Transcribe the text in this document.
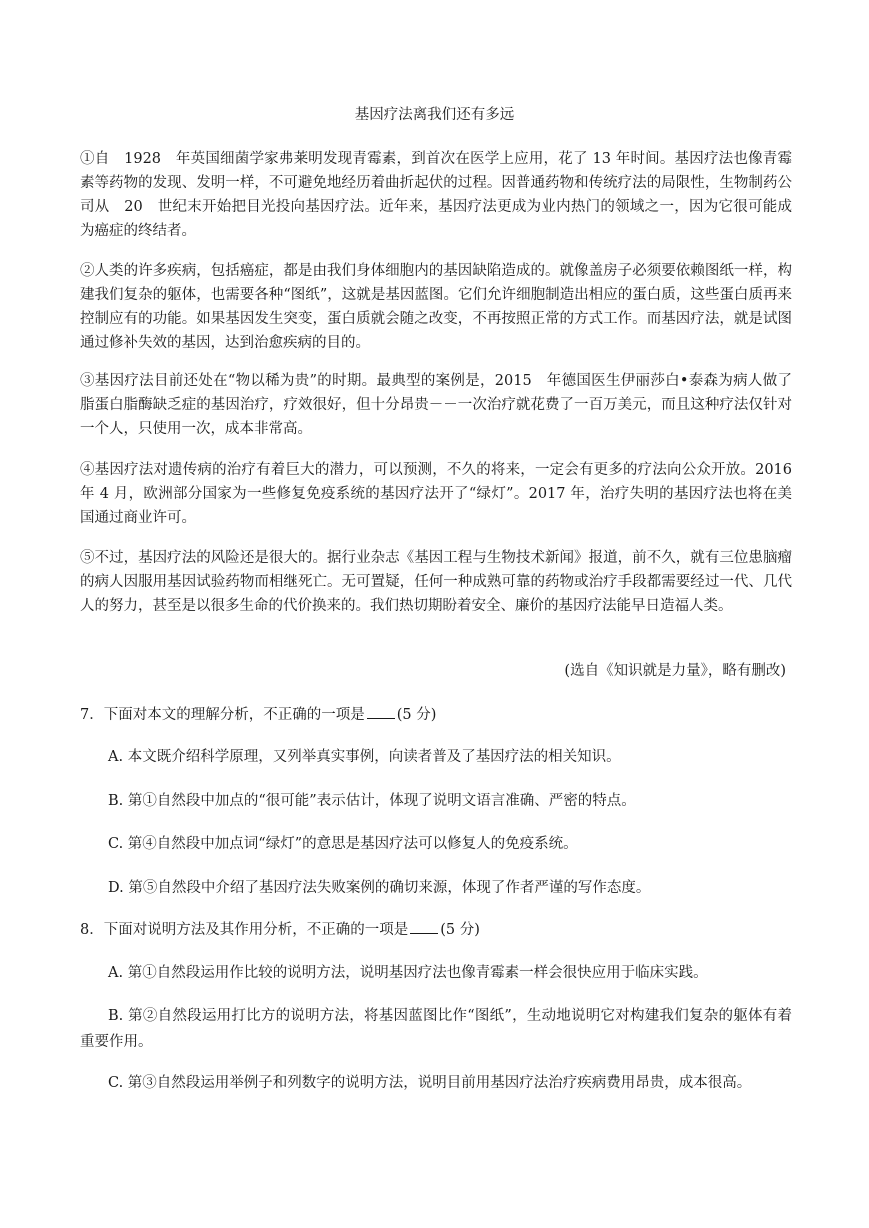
基因疗法离我们还有多远

①自　1928　年英国细菌学家弗莱明发现青霉素，到首次在医学上应用，花了 13 年时间。基因疗法也像青霉素等药物的发现、发明一样，不可避免地经历着曲折起伏的过程。因普通药物和传统疗法的局限性，生物制药公司从　20　世纪末开始把目光投向基因疗法。近年来，基因疗法更成为业内热门的领域之一，因为它很可能成为癌症的终结者。

②人类的许多疾病，包括癌症，都是由我们身体细胞内的基因缺陷造成的。就像盖房子必须要依赖图纸一样，构建我们复杂的躯体，也需要各种“图纸”，这就是基因蓝图。它们允许细胞制造出相应的蛋白质，这些蛋白质再来控制应有的功能。如果基因发生突变，蛋白质就会随之改变，不再按照正常的方式工作。而基因疗法，就是试图通过修补失效的基因，达到治愈疾病的目的。

③基因疗法目前还处在“物以稀为贵”的时期。最典型的案例是，2015　年德国医生伊丽莎白•泰森为病人做了脂蛋白脂酶缺乏症的基因治疗，疗效很好，但十分昂贵－－一次治疗就花费了一百万美元，而且这种疗法仅针对一个人，只使用一次，成本非常高。

④基因疗法对遗传病的治疗有着巨大的潜力，可以预测，不久的将来，一定会有更多的疗法向公众开放。2016 年 4 月，欧洲部分国家为一些修复免疫系统的基因疗法开了“绿灯”。2017 年，治疗失明的基因疗法也将在美国通过商业许可。

⑤不过，基因疗法的风险还是很大的。据行业杂志《基因工程与生物技术新闻》报道，前不久，就有三位患脑瘤的病人因服用基因试验药物而相继死亡。无可置疑，任何一种成熟可靠的药物或治疗手段都需要经过一代、几代人的努力，甚至是以很多生命的代价换来的。我们热切期盼着安全、廉价的基因疗法能早日造福人类。

(选自《知识就是力量》，略有删改)

7．下面对本文的理解分析，不正确的一项是 (5 分)

A. 本文既介绍科学原理，又列举真实事例，向读者普及了基因疗法的相关知识。

B. 第①自然段中加点的“很可能”表示估计，体现了说明文语言准确、严密的特点。

C. 第④自然段中加点词“绿灯”的意思是基因疗法可以修复人的免疫系统。

D. 第⑤自然段中介绍了基因疗法失败案例的确切来源，体现了作者严谨的写作态度。

8．下面对说明方法及其作用分析，不正确的一项是 (5 分)

A. 第①自然段运用作比较的说明方法，说明基因疗法也像青霉素一样会很快应用于临床实践。

B. 第②自然段运用打比方的说明方法，将基因蓝图比作“图纸”，生动地说明它对构建我们复杂的躯体有着重要作用。

C. 第③自然段运用举例子和列数字的说明方法，说明目前用基因疗法治疗疾病费用昂贵，成本很高。
